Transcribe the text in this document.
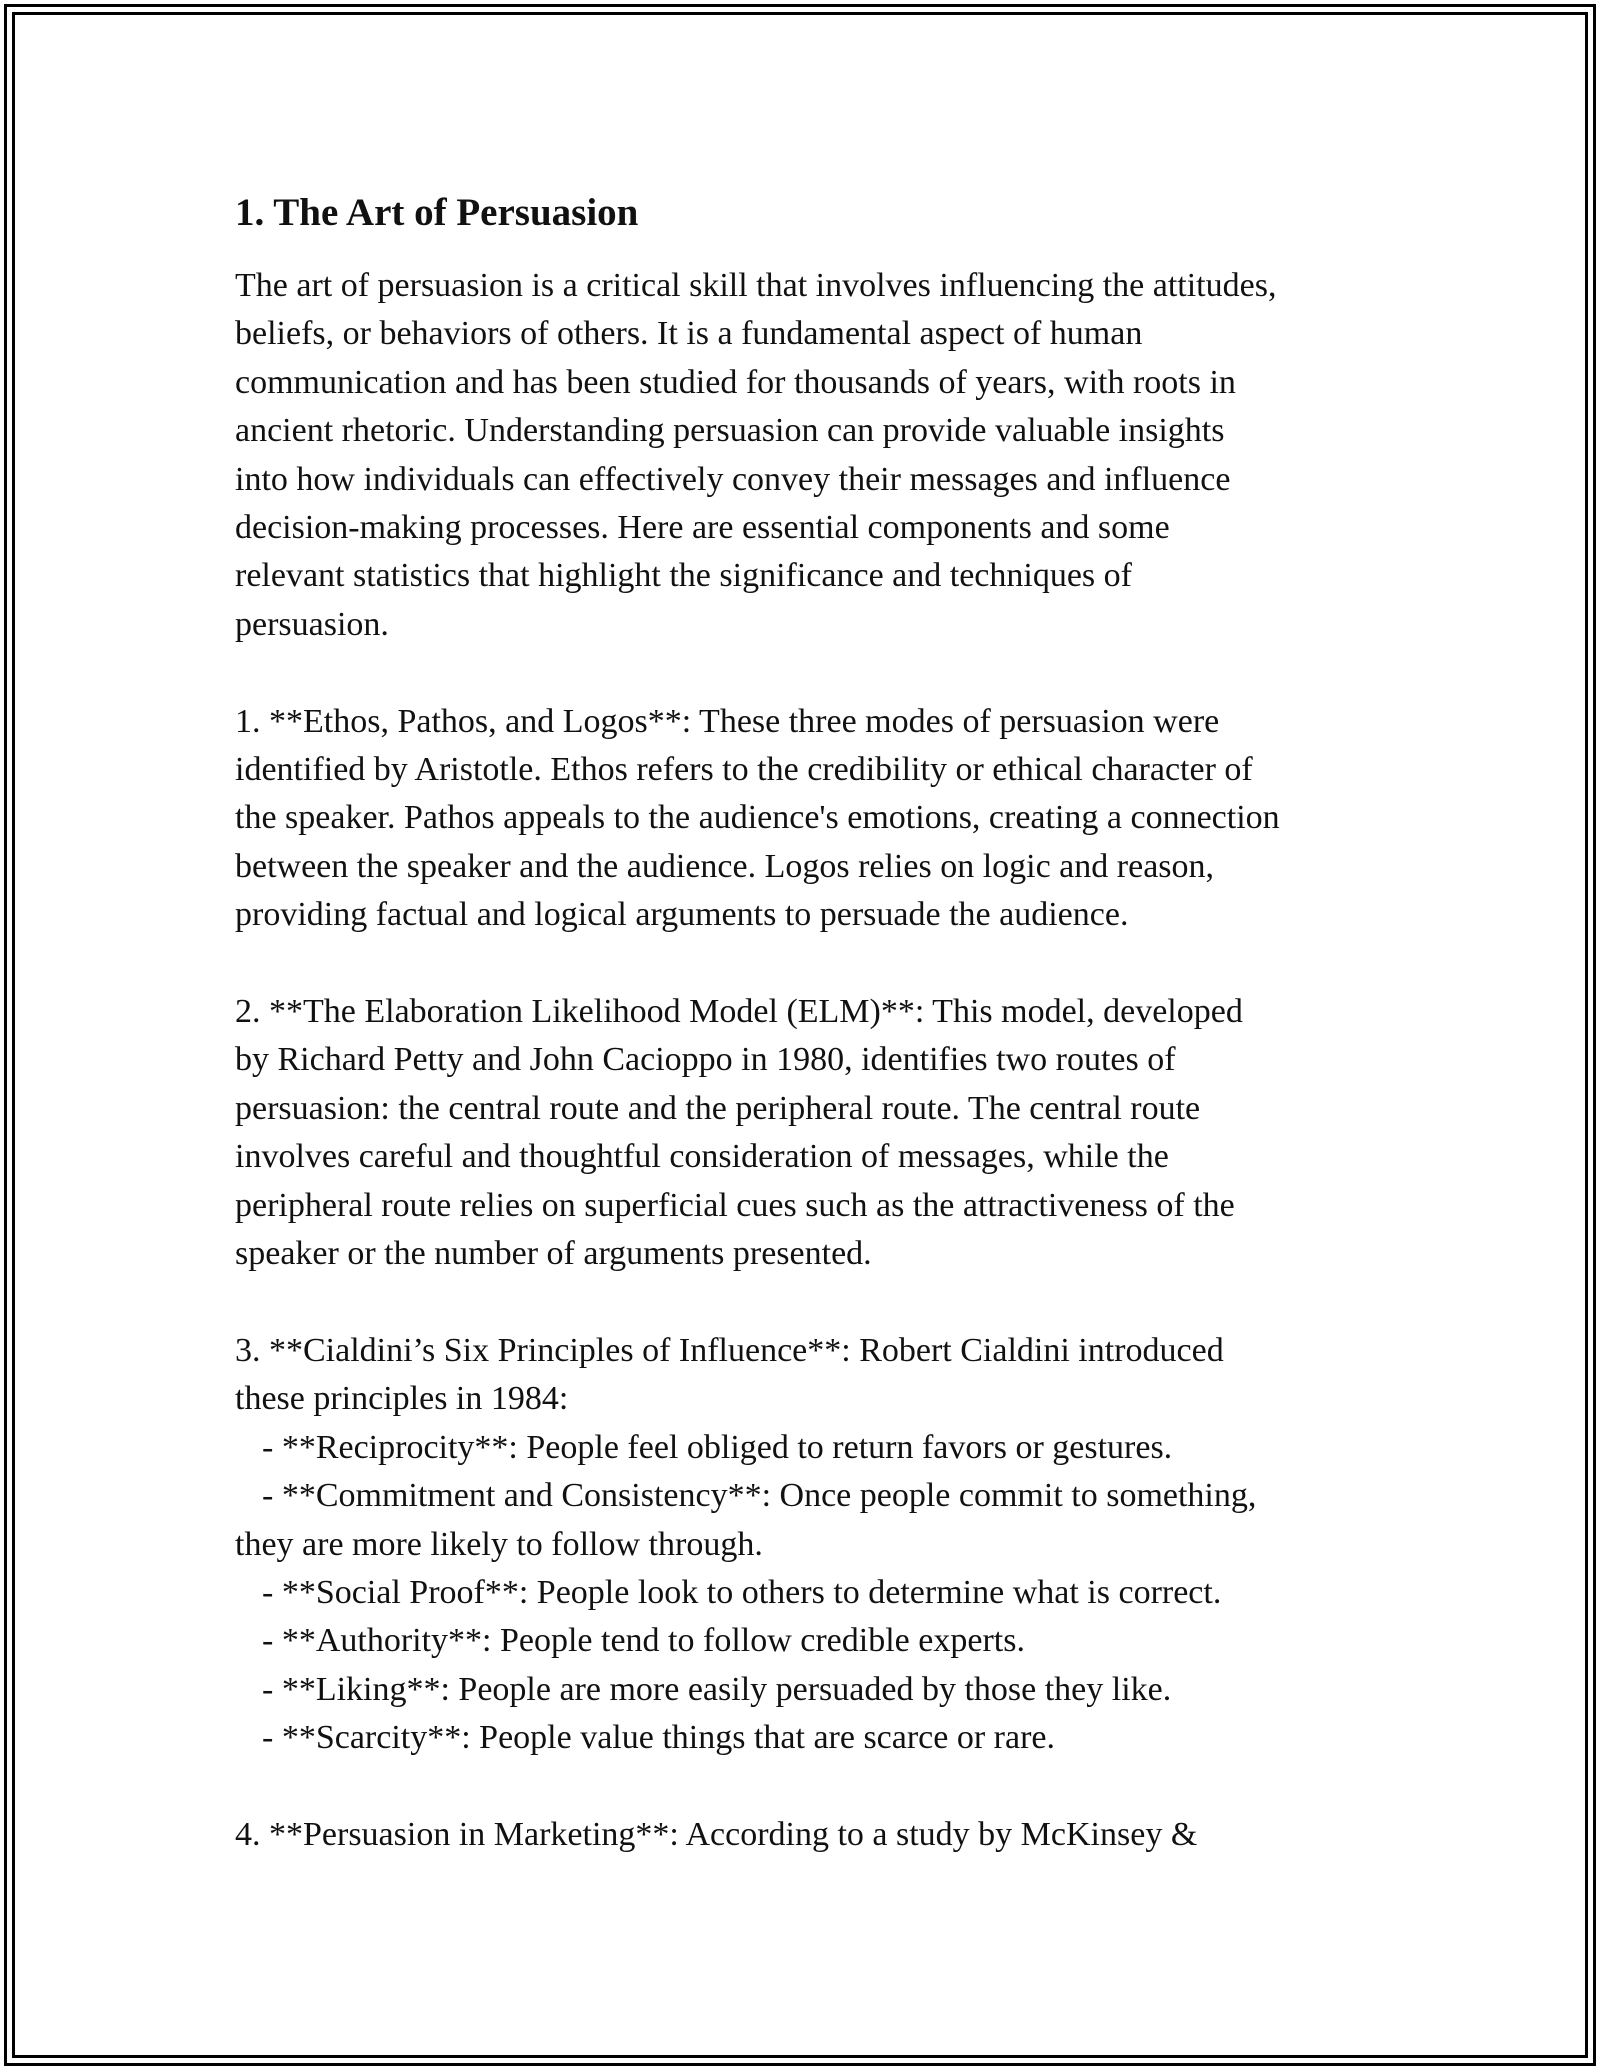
1. The Art of Persuasion
The art of persuasion is a critical skill that involves influencing the attitudes,
beliefs, or behaviors of others. It is a fundamental aspect of human
communication and has been studied for thousands of years, with roots in
ancient rhetoric. Understanding persuasion can provide valuable insights
into how individuals can effectively convey their messages and influence
decision-making processes. Here are essential components and some
relevant statistics that highlight the significance and techniques of
persuasion.
1. **Ethos, Pathos, and Logos**: These three modes of persuasion were
identified by Aristotle. Ethos refers to the credibility or ethical character of
the speaker. Pathos appeals to the audience's emotions, creating a connection
between the speaker and the audience. Logos relies on logic and reason,
providing factual and logical arguments to persuade the audience.
2. **The Elaboration Likelihood Model (ELM)**: This model, developed
by Richard Petty and John Cacioppo in 1980, identifies two routes of
persuasion: the central route and the peripheral route. The central route
involves careful and thoughtful consideration of messages, while the
peripheral route relies on superficial cues such as the attractiveness of the
speaker or the number of arguments presented.
3. **Cialdini’s Six Principles of Influence**: Robert Cialdini introduced
these principles in 1984:
- **Reciprocity**: People feel obliged to return favors or gestures.
- **Commitment and Consistency**: Once people commit to something,
they are more likely to follow through.
- **Social Proof**: People look to others to determine what is correct.
- **Authority**: People tend to follow credible experts.
- **Liking**: People are more easily persuaded by those they like.
- **Scarcity**: People value things that are scarce or rare.
4. **Persuasion in Marketing**: According to a study by McKinsey &
